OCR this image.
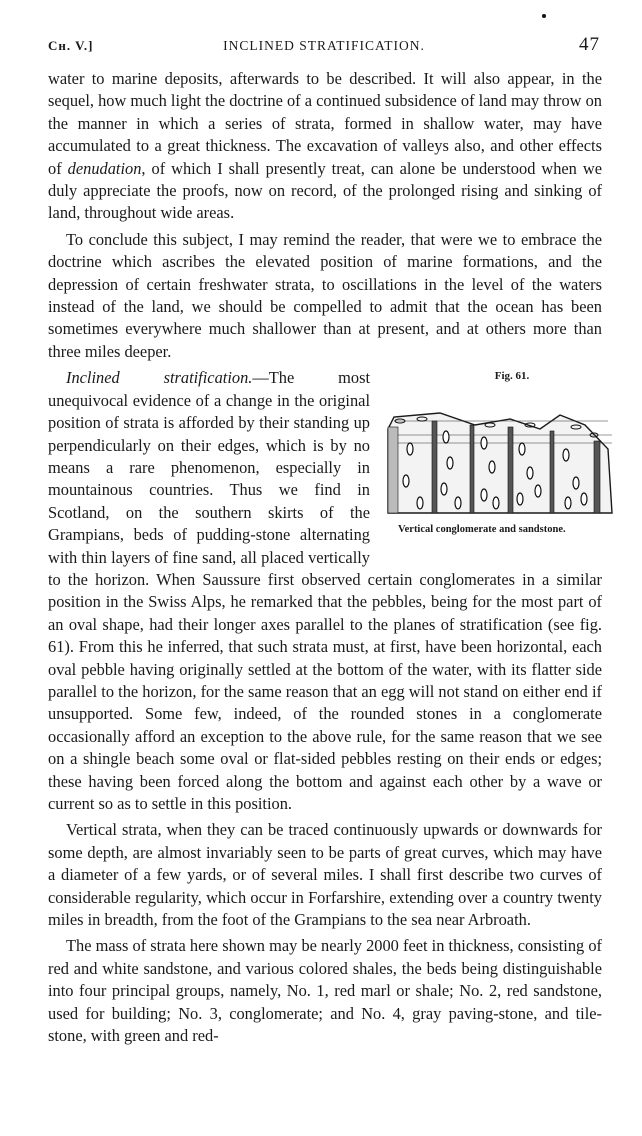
Cʜ. V.]	INCLINED STRATIFICATION.	47

water to marine deposits, afterwards to be described. It will also appear, in the sequel, how much light the doctrine of a continued subsidence of land may throw on the manner in which a series of strata, formed in shallow water, may have accumulated to a great thickness. The excavation of valleys also, and other effects of denudation, of which I shall presently treat, can alone be understood when we duly appreciate the proofs, now on record, of the prolonged rising and sinking of land, throughout wide areas.

To conclude this subject, I may remind the reader, that were we to embrace the doctrine which ascribes the elevated position of marine formations, and the depression of certain freshwater strata, to oscillations in the level of the waters instead of the land, we should be compelled to admit that the ocean has been sometimes everywhere much shallower than at present, and at others more than three miles deeper.

Inclined stratification.	Fig. 61.
Vertical conglomerate and sandstone.
—The most unequivocal evidence of a change in the original position of strata is afforded by their standing up perpendicularly on their edges, which is by no means a rare phenomenon, especially in mountainous countries. Thus we find in Scotland, on the southern skirts of the Grampians, beds of pudding-stone alternating with thin layers of fine sand, all placed vertically to the horizon. When Saussure first observed certain conglomerates in a similar position in the Swiss Alps, he remarked that the pebbles, being for the most part of an oval shape, had their longer axes parallel to the planes of stratification (see fig. 61). From this he inferred, that such strata must, at first, have been horizontal, each oval pebble having originally settled at the bottom of the water, with its flatter side parallel to the horizon, for the same reason that an egg will not stand on either end if unsupported. Some few, indeed, of the rounded stones in a conglomerate occasionally afford an exception to the above rule, for the same reason that we see on a shingle beach some oval or flat-sided pebbles resting on their ends or edges; these having been forced along the bottom and against each other by a wave or current so as to settle in this position.

Vertical strata, when they can be traced continuously upwards or downwards for some depth, are almost invariably seen to be parts of great curves, which may have a diameter of a few yards, or of several miles. I shall first describe two curves of considerable regularity, which occur in Forfarshire, extending over a country twenty miles in breadth, from the foot of the Grampians to the sea near Arbroath.

The mass of strata here shown may be nearly 2000 feet in thickness, consisting of red and white sandstone, and various colored shales, the beds being distinguishable into four principal groups, namely, No. 1, red marl or shale; No. 2, red sandstone, used for building; No. 3, conglomerate; and No. 4, gray paving-stone, and tile-stone, with green and red-
